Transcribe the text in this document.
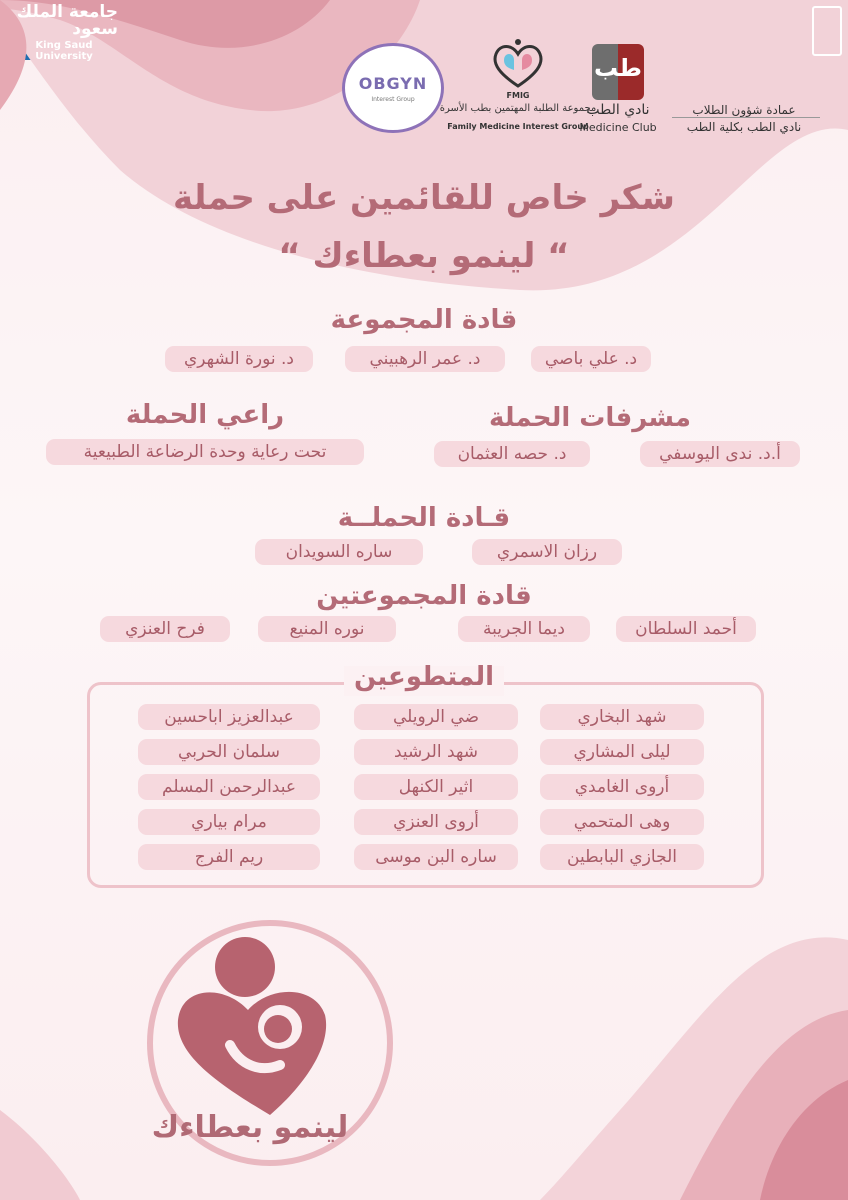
جامعة الملك سعود
King Saud University
عمادة شؤون الطلاب
نادي الطب بكلية الطب
طب
نادي الطب
Medicine Club
FMIG
مجموعة الطلبة المهتمين بطب الأسرة
Family Medicine Interest Group
OBGYN
Interest Group
شكر خاص للقائمين على حملة
“ لينمو بعطاءك “
قادة المجموعة
د. علي باصي
د. عمر الرهبيني
د. نورة الشهري
مشرفات الحملة
أ.د. ندى اليوسفي
د. حصه العثمان
راعي الحملة
تحت رعاية وحدة الرضاعة الطبيعية
قـادة الحملــة
رزان الاسمري
ساره السويدان
قادة المجموعتين
أحمد السلطان
ديما الجريبة
نوره المنيع
فرح العنزي
المتطوعين
شهد البخاري
ليلى المشاري
أروى الغامدي
وهى المتحمي
الجازي البابطين
ضي الرويلي
شهد الرشيد
اثير الكنهل
أروى العنزي
ساره البن موسى
عبدالعزيز اباحسين
سلمان الحربي
عبدالرحمن المسلم
مرام بياري
ريم الفرج
لينمو بعطاءك
